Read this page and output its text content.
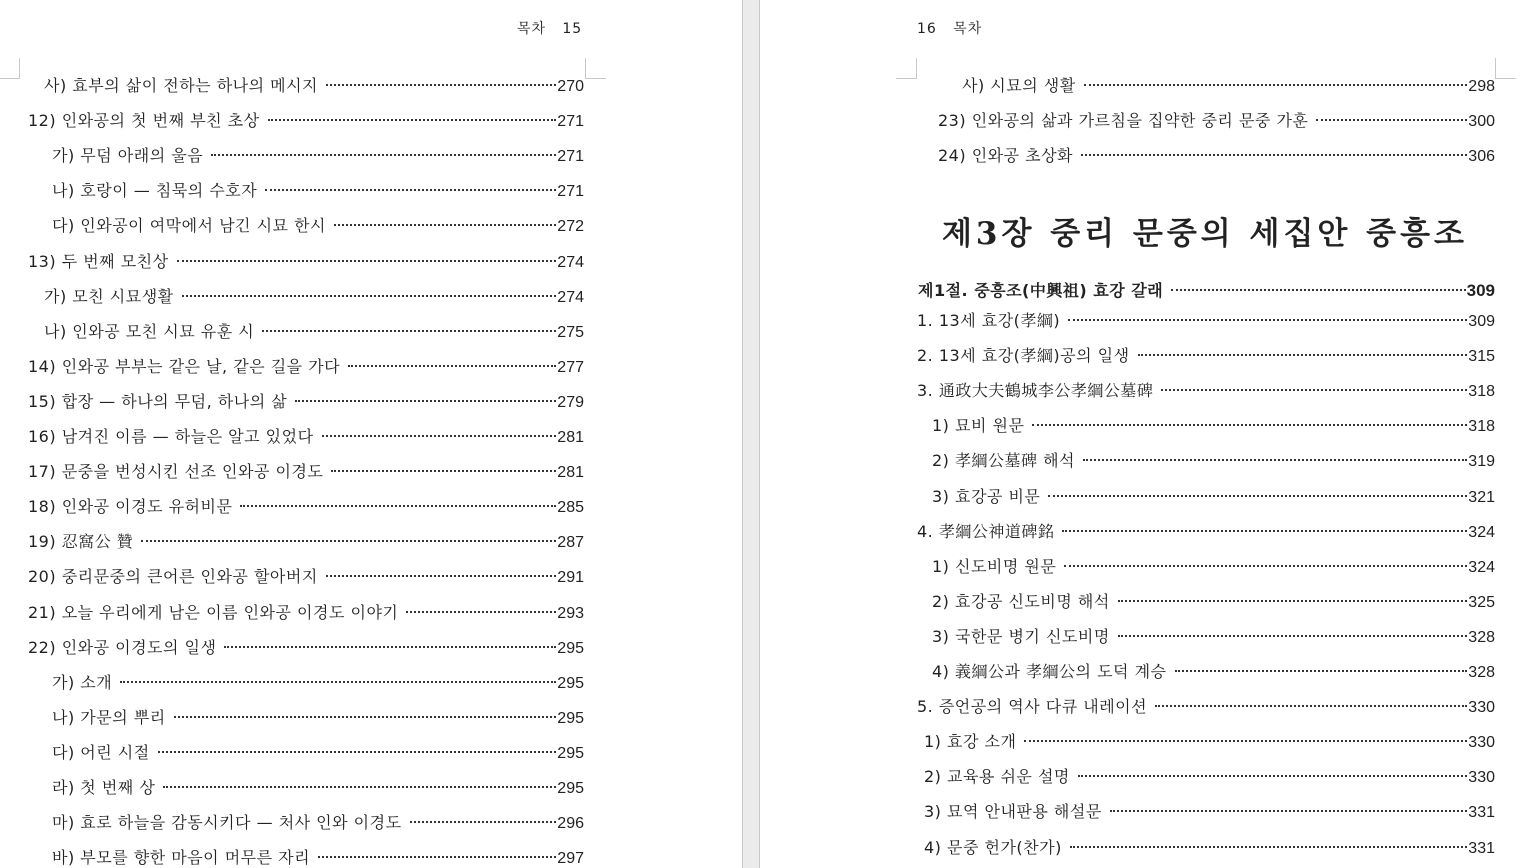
목차   15
사) 효부의 삶이 전하는 하나의 메시지	270
12) 인와공의 첫 번째 부친 초상	271
가) 무덤 아래의 울음	271
나) 호랑이 — 침묵의 수호자	271
다) 인와공이 여막에서 남긴 시묘 한시	272
13) 두 번째 모친상	274
가) 모친 시묘생활	274
나) 인와공 모친 시묘 유훈 시	275
14) 인와공 부부는 같은 날, 같은 길을 가다	277
15) 합장 — 하나의 무덤, 하나의 삶	279
16) 남겨진 이름 — 하늘은 알고 있었다	281
17) 문중을 번성시킨 선조 인와공 이경도	281
18) 인와공 이경도 유허비문	285
19) 忍窩公 贊	287
20) 중리문중의 큰어른 인와공 할아버지	291
21) 오늘 우리에게 남은 이름 인와공 이경도 이야기	293
22) 인와공 이경도의 일생	295
가) 소개	295
나) 가문의 뿌리	295
다) 어린 시절	295
라) 첫 번째 상	295
마) 효로 하늘을 감동시키다 — 처사 인와 이경도	296
바) 부모를 향한 마음이 머무른 자리	297
16   목차
제3장 중리 문중의 세집안 중흥조
사) 시묘의 생활	298
23) 인와공의 삶과 가르침을 집약한 중리 문중 가훈	300
24) 인와공 초상화	306
제1절. 중흥조(中興祖) 효강 갈래	309
1. 13세 효강(孝綱)	309
2. 13세 효강(孝綱)공의 일생	315
3. 通政大夫鶴城李公孝綱公墓碑	318
1) 묘비 원문	318
2) 孝綱公墓碑 해석	319
3) 효강공 비문	321
4. 孝綱公神道碑銘	324
1) 신도비명 원문	324
2) 효강공 신도비명 해석	325
3) 국한문 병기 신도비명	328
4) 義綱公과 孝綱公의 도덕 계승	328
5. 증언공의 역사 다큐 내레이션	330
1) 효강 소개	330
2) 교육용 쉬운 설명	330
3) 묘역 안내판용 해설문	331
4) 문중 헌가(찬가)	331
